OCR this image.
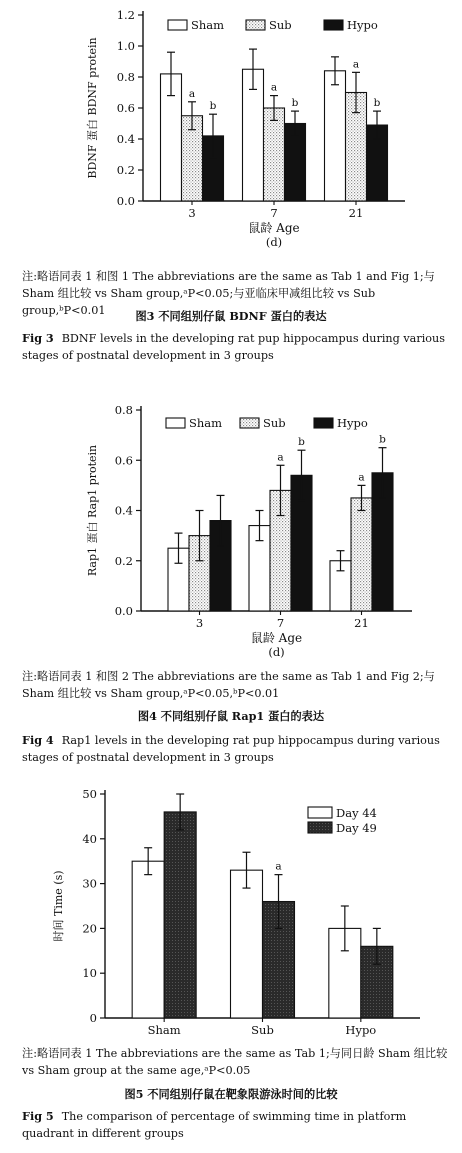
0.0
0.2
0.4
0.6
0.8
1.0
1.2
BDNF 蛋白 BDNF protein	a
b
3
a
b
7
a
b
21
鼠龄 Age
(d)
Sham	Sub	Hypo
注:略语同表 1 和图 1 The abbreviations are the same as Tab 1 and Fig 1;与 Sham 组比较 vs Sham group,ᵃP<0.05;与亚临床甲减组比较 vs Sub group,ᵇP<0.01	图3 不同组别仔鼠 BDNF 蛋白的表达
Fig 3 BDNF levels in the developing rat pup hippocampus during various stages of postnatal development in 3 groups
0.0
0.2
0.4
0.6
0.8
Rap1 蛋白 Rap1 protein
3
a
b
7
a
b
21
鼠龄 Age
(d)
Sham	Sub	Hypo
注:略语同表 1 和图 2 The abbreviations are the same as Tab 1 and Fig 2;与 Sham 组比较 vs Sham group,ᵃP<0.05,ᵇP<0.01
图4 不同组别仔鼠 Rap1 蛋白的表达
Fig 4 Rap1 levels in the developing rat pup hippocampus during various stages of postnatal development in 3 groups
0
10
20
30
40
50
时间 Time (s)
Sham
a
Sub	Hypo
Day 44
Day 49
注:略语同表 1 The abbreviations are the same as Tab 1;与同日龄 Sham 组比较 vs Sham group at the same age,ᵃP<0.05
图5 不同组别仔鼠在靶象限游泳时间的比较
Fig 5 The comparison of percentage of swimming time in platform quadrant in different groups
